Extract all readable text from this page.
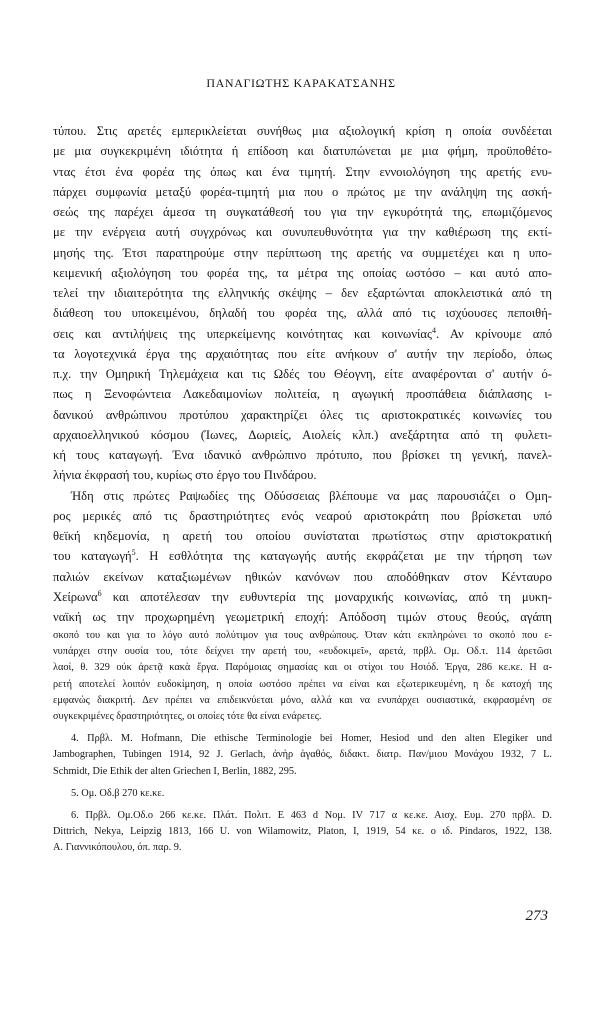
ΠΑΝΑΓΙΩΤΗΣ ΚΑΡΑΚΑΤΣΑΝΗΣ
τύπου. Στις αρετές εμπερικλείεται συνήθως μια αξιολογική κρίση η οποία συνδέεται
με μια συγκεκριμένη ιδιότητα ή επίδοση και διατυπώνεται με μια φήμη, προϋποθέτο-
ντας έτσι ένα φορέα της όπως και ένα τιμητή. Στην εννοιολόγηση της αρετής ενυ-
πάρχει συμφωνία μεταξύ φορέα-τιμητή μια που ο πρώτος με την ανάληψη της ασκή-
σεώς της παρέχει άμεσα τη συγκατάθεσή του για την εγκυρότητά της, επωμιζόμενος
με την ενέργεια αυτή συγχρόνως και συνυπευθυνότητα για την καθιέρωση της εκτί-
μησής της. Έτσι παρατηρούμε στην περίπτωση της αρετής να συμμετέχει και η υπο-
κειμενική αξιολόγηση του φορέα της, τα μέτρα της οποίας ωστόσο – και αυτό απο-
τελεί την ιδιαιτερότητα της ελληνικής σκέψης – δεν εξαρτώνται αποκλειστικά από τη
διάθεση του υποκειμένου, δηλαδή του φορέα της, αλλά από τις ισχύουσες πεποιθή-
σεις και αντιλήψεις της υπερκείμενης κοινότητας και κοινωνίας$^4$. Αν κρίνουμε από
τα λογοτεχνικά έργα της αρχαιότητας που είτε ανήκουν σ' αυτήν την περίοδο, όπως
π.χ. την Ομηρική Τηλεμάχεια και τις Ωδές του Θέογνη, είτε αναφέρονται σ' αυτήν ό-
πως η Ξενοφώντεια Λακεδαιμονίων πολιτεία, η αγωγική προσπάθεια διάπλασης ι-
δανικού ανθρώπινου προτύπου χαρακτηρίζει όλες τις αριστοκρατικές κοινωνίες του
αρχαιοελληνικού κόσμου (Ίωνες, Δωριείς, Αιολείς κλπ.) ανεξάρτητα από τη φυλετι-
κή τους καταγωγή. Ένα ιδανικό ανθρώπινο πρότυπο, που βρίσκει τη γενική, πανελ-
λήνια έκφρασή του, κυρίως στο έργο του Πινδάρου.
Ήδη στις πρώτες Ραψωδίες της Οδύσσειας βλέπουμε να μας παρουσιάζει ο Ομη-
ρος μερικές από τις δραστηριότητες ενός νεαρού αριστοκράτη που βρίσκεται υπό
θεϊκή κηδεμονία, η αρετή του οποίου συνίσταται πρωτίστως στην αριστοκρατική
του καταγωγή$^5$. Η εσθλότητα της καταγωγής αυτής εκφράζεται με την τήρηση των
παλιών εκείνων καταξιωμένων ηθικών κανόνων που αποδόθηκαν στον Κένταυρο
Χείρωνα$^6$ και αποτέλεσαν την ευθυντερία της μοναρχικής κοινωνίας, από τη μυκη-
ναϊκή ως την προχωρημένη γεωμετρική εποχή: Απόδοση τιμών στους θεούς, αγάπη
σκοπό του και για το λόγο αυτό πολύτιμον για τους ανθρώπους. Όταν κάτι εκπληρώνει το σκοπό που ε-
νυπάρχει στην ουσία του, τότε δείχνει την αρετή του, «ευδοκιμεῖ», αρετά, πρβλ. Ομ. Οδ.τ. 114 ἀρετῶσι
λαοί, θ. 329 οὐκ ἀρετᾷ κακὰ ἔργα. Παρόμοιας σημασίας και οι στίχοι του Ησιόδ. Έργα, 286 κε.κε. Η α-
ρετή αποτελεί λοιπόν ευδοκίμηση, η οποία ωστόσο πρέπει να είναι και εξωτερικευμένη, η δε κατοχή της
εμφανώς διακριτή. Δεν πρέπει να επιδεικνύεται μόνο, αλλά και να ενυπάρχει ουσιαστικά, εκφρασμένη σε
συγκεκριμένες δραστηριότητες, οι οποίες τότε θα είναι ενάρετες.
4. Πρβλ. M. Hofmann, Die ethische Terminologie bei Homer, Hesiod und den alten Elegiker und
Jambographen, Tubingen 1914, 92 J. Gerlach, ἀνὴρ ἀγαθός, διδακτ. διατρ. Παν/μιου Μονάχου 1932, 7 L.
Schmidt, Die Ethik der alten Griechen I, Berlin, 1882, 295.
5. Ομ. Οδ.β 270 κε.κε.
6. Πρβλ. Ομ.Οδ.ο 266 κε.κε. Πλάτ. Πολιτ. Ε 463 d Νομ. IV 717 α κε.κε. Αισχ. Ευμ. 270 πρβλ. D.
Dittrich, Nekya, Leipzig 1813, 166 U. von Wilamowitz, Platon, I, 1919, 54 κε. ο ιδ. Pindaros, 1922, 138.
Α. Γιαννικόπουλου, όπ. παρ. 9.
273
